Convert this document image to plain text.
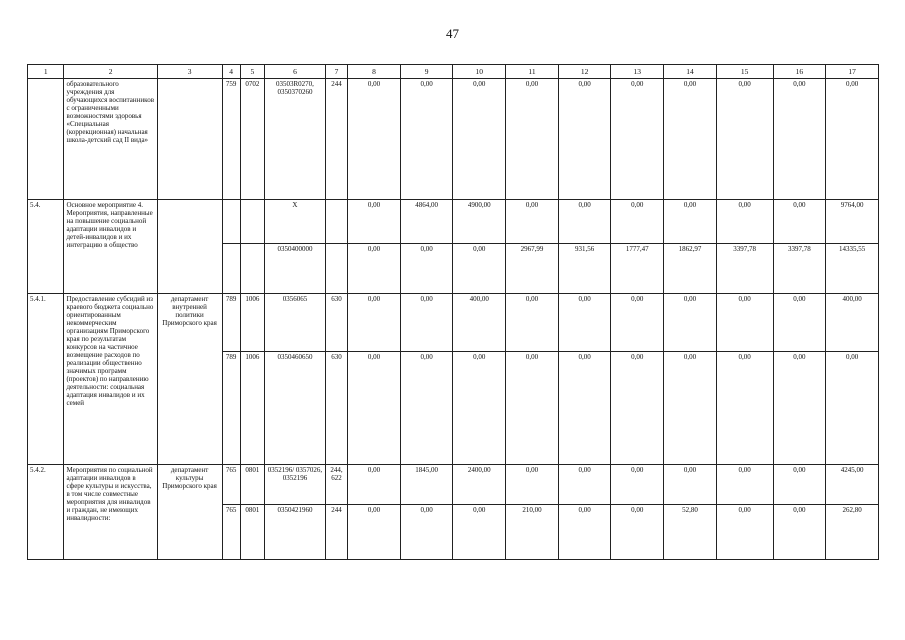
47
1	2	3	4	5	6	7	8	9	10	11	12	13	14	15	16	17
	образовательного учреждения для обучающихся воспитанников с ограниченными возможностями здоровья «Специальная (коррекционная) начальная школа-детский сад II вида»		759	0702	03503R0270, 0350370260	244	0,00	0,00	0,00	0,00	0,00	0,00	0,00	0,00	0,00	0,00
5.4.	Основное мероприятие 4. Мероприятия, направленные на повышение социальной адаптации инвалидов и детей-инвалидов и их интеграцию в общество				X		0,00	4864,00	4900,00	0,00	0,00	0,00	0,00	0,00	0,00	9764,00
					0350400000		0,00	0,00	0,00	2967,99	931,56	1777,47	1862,97	3397,78	3397,78	14335,55
5.4.1.	Предоставление субсидий из краевого бюджета социально ориентированным некоммерческим организациям Приморского края по результатам конкурсов на частичное возмещение расходов по реализации общественно значимых программ (проектов) по направлению деятельности: социальная адаптация инвалидов и их семей	департамент внутренней политики Приморского края	789	1006	0356065	630	0,00	0,00	400,00	0,00	0,00	0,00	0,00	0,00	0,00	400,00
			789	1006	0350460650	630	0,00	0,00	0,00	0,00	0,00	0,00	0,00	0,00	0,00	0,00
5.4.2.	Мероприятия по социальной адаптации инвалидов в сфере культуры и искусства, в том числе совместные мероприятия для инвалидов и граждан, не имеющих инвалидности:	департамент культуры Приморского края	765	0801	0352196/ 0357026, 0352196	244, 622	0,00	1845,00	2400,00	0,00	0,00	0,00	0,00	0,00	0,00	4245,00
			765	0801	0350421960	244	0,00	0,00	0,00	210,00	0,00	0,00	52,80	0,00	0,00	262,80
